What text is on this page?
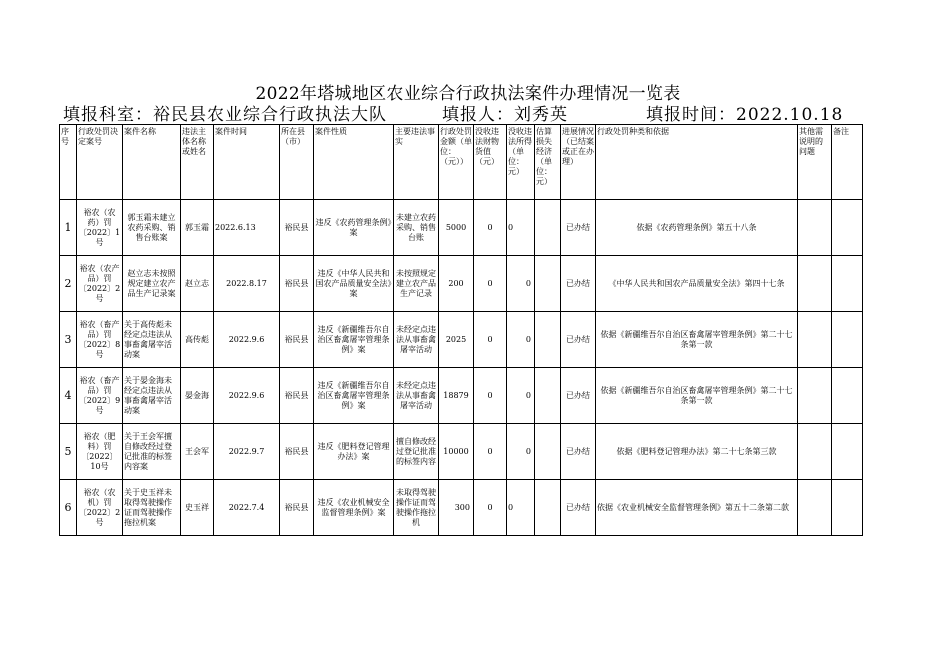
2022年塔城地区农业综合行政执法案件办理情况一览表
填报科室：裕民县农业综合行政执法大队	填报人：刘秀英	填报时间：2022.10.18
序号	行政处罚决定案号	案件名称	违法主体名称或姓名	案件时间	所在县（市）	案件性质	主要违法事实	行政处罚金额（单位：（元））	没收违法财物货值（元）	没收违法所得（单位：元）	估算损失经济（单位：元）	进展情况（已结案或正在办理）	行政处罚种类和依据	其他需说明的问题	备注
1	裕农（农药）罚〔2022〕1号	郭玉霜未建立农药采购、销售台账案	郭玉霜	2022.6.13	裕民县	违反《农药管理条例》案	未建立农药采购、销售台账	5000	0	0		已办结	依据《农药管理条例》第五十八条		
2	裕农（农产品）罚〔2022〕2号	赵立志未按照规定建立农产品生产记录案	赵立志	2022.8.17	裕民县	违反《中华人民共和国农产品质量安全法》案	未按照规定建立农产品生产记录	200	0	0		已办结	《中华人民共和国农产品质量安全法》第四十七条		
3	裕农（畜产品）罚〔2022〕8号	关于高传彪未经定点违法从事畜禽屠宰活动案	高传彪	2022.9.6	裕民县	违反《新疆维吾尔自治区畜禽屠宰管理条例》案	未经定点违法从事畜禽屠宰活动	2025	0	0		已办结	依据《新疆维吾尔自治区畜禽屠宰管理条例》第二十七条第一款		
4	裕农（畜产品）罚〔2022〕9号	关于晏金海未经定点违法从事畜禽屠宰活动案	晏金海	2022.9.6	裕民县	违反《新疆维吾尔自治区畜禽屠宰管理条例》案	未经定点违法从事畜禽屠宰活动	18879	0	0		已办结	依据《新疆维吾尔自治区畜禽屠宰管理条例》第二十七条第一款		
5	裕农（肥料）罚〔2022〕10号	关于王会军擅自修改经过登记批准的标签内容案	王会军	2022.9.7	裕民县	违反《肥料登记管理办法》案	擅自修改经过登记批准的标签内容	10000	0	0		已办结	依据《肥料登记管理办法》第二十七条第三款		
6	裕农（农机）罚〔2022〕2号	关于史玉祥未取得驾驶操作证而驾驶操作拖拉机案	史玉祥	2022.7.4	裕民县	违反《农业机械安全监督管理条例》案	未取得驾驶操作证而驾驶操作拖拉机	300	0	0		已办结	依据《农业机械安全监督管理条例》第五十二条第二款		
